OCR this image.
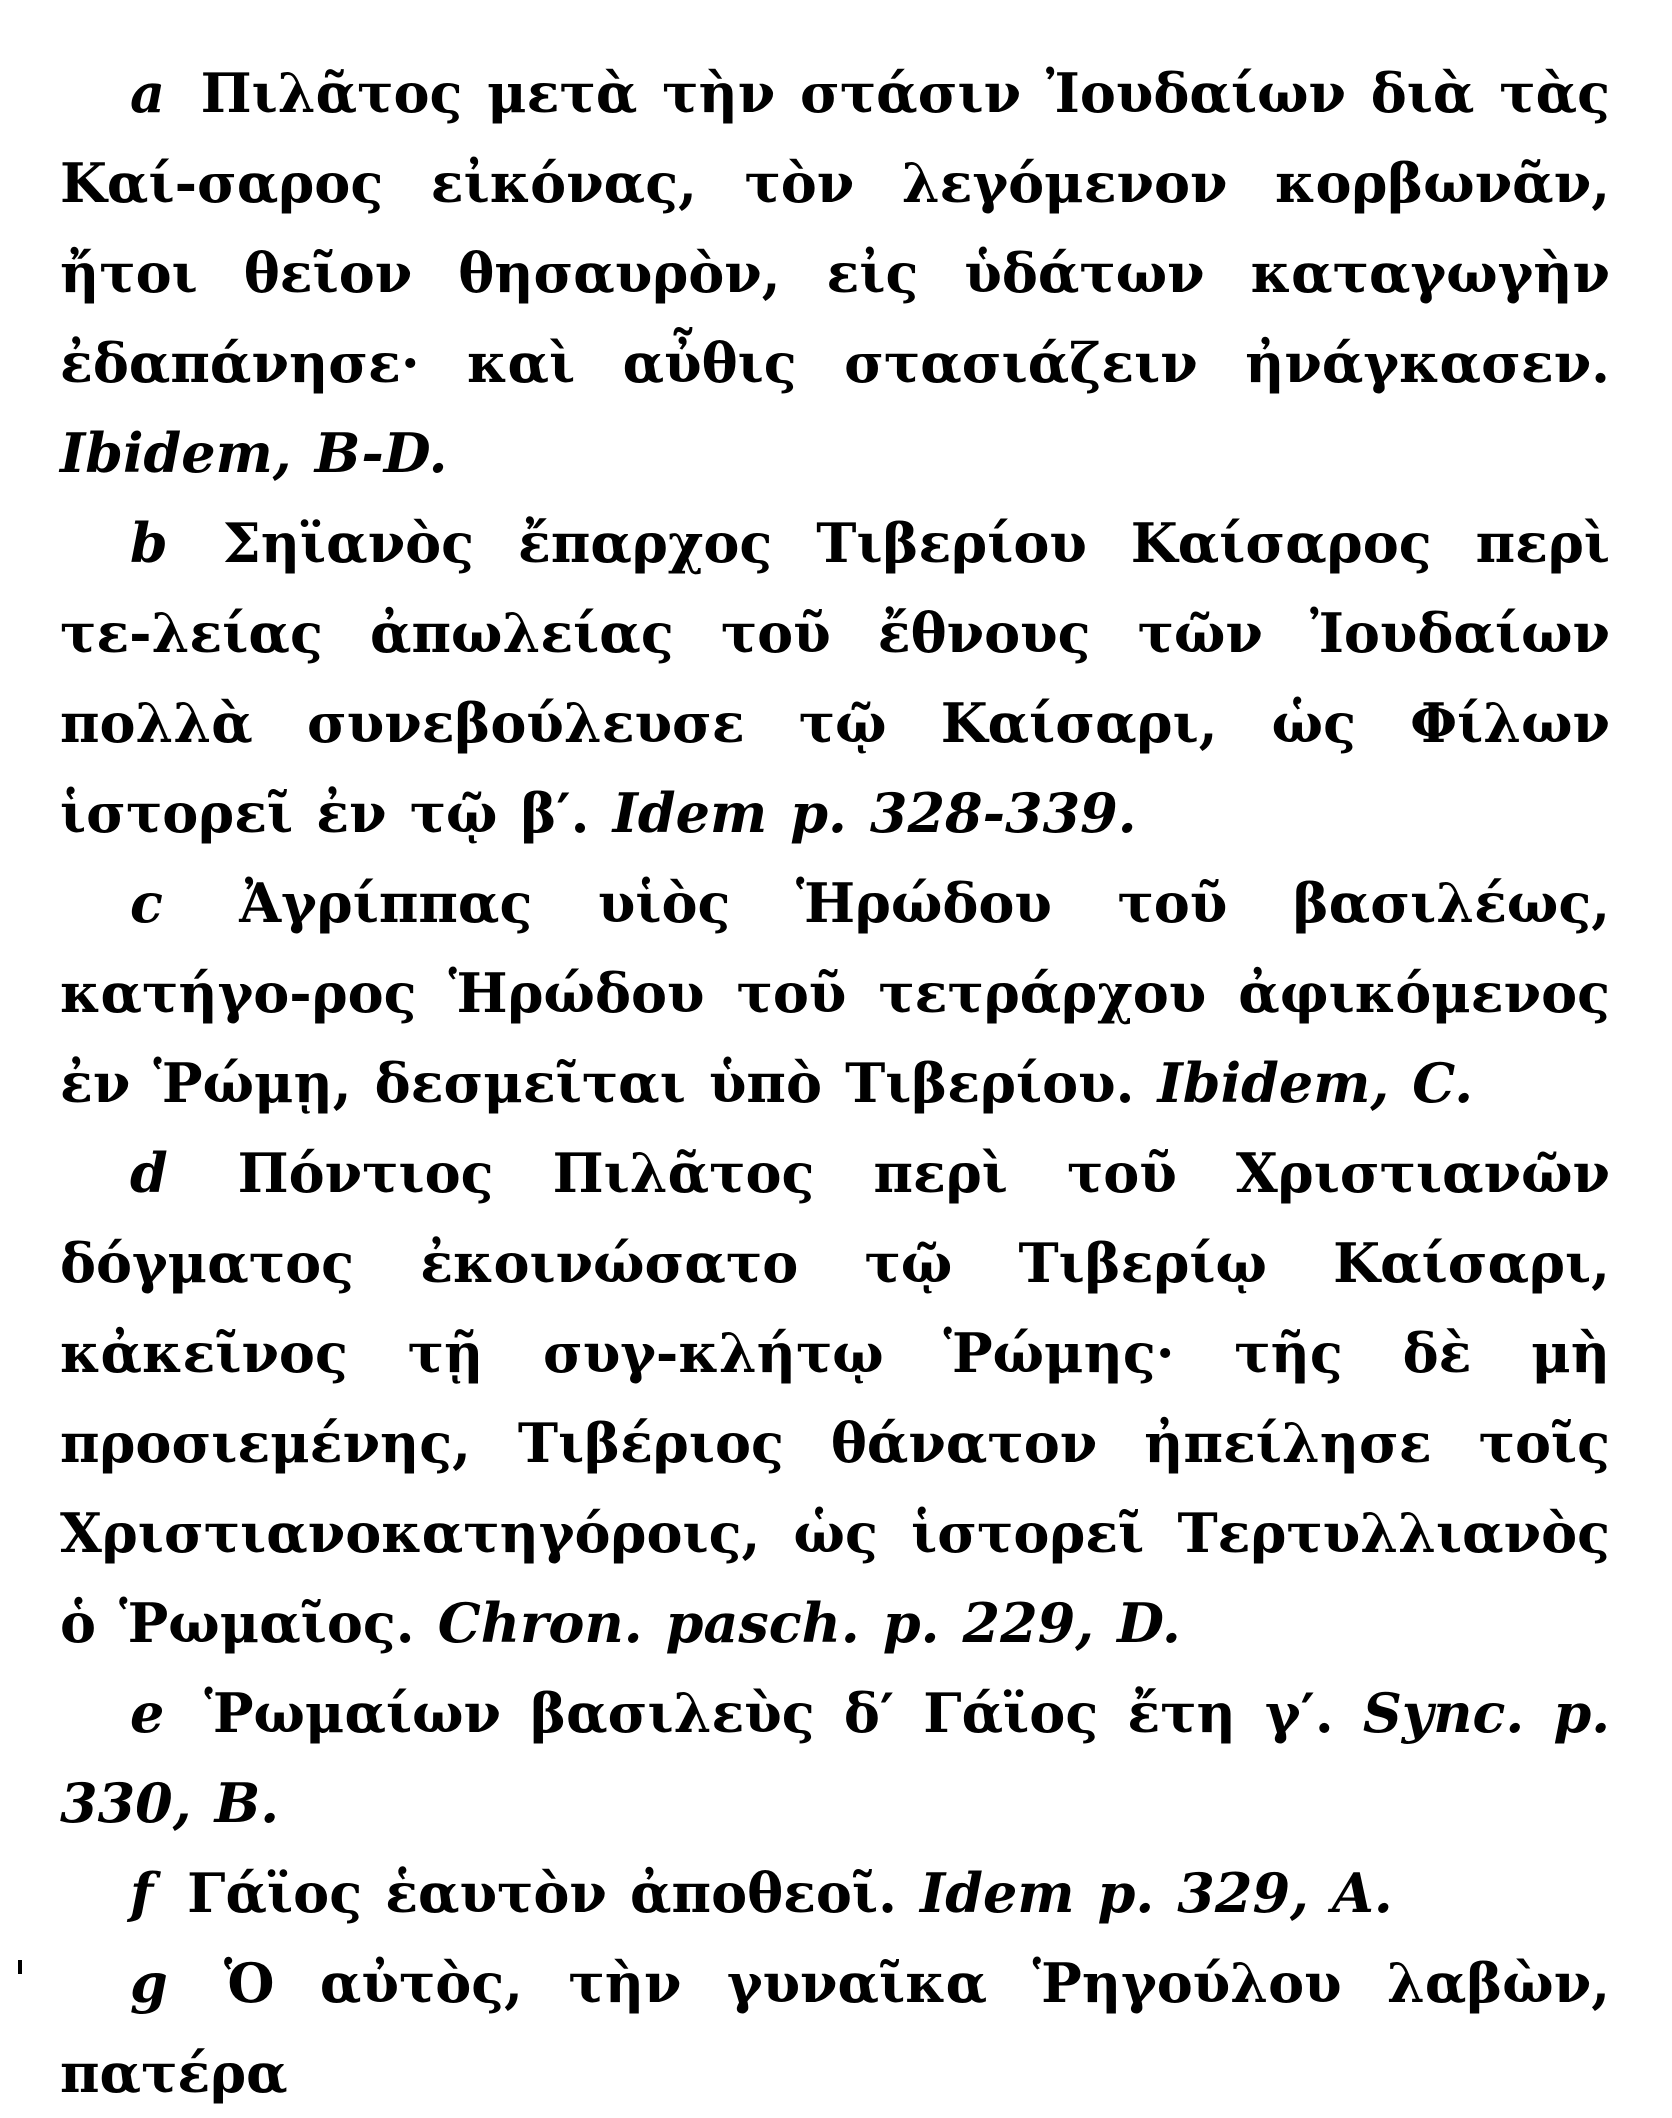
a Πιλᾶτος μετὰ τὴν στάσιν Ἰουδαίων διὰ τὰς Καί-σαρος εἰκόνας, τὸν λεγόμενον κορβωνᾶν, ἤτοι θεῖον θησαυρὸν, εἰς ὑδάτων καταγωγὴν ἐδαπάνησε· καὶ αὖθις στασιάζειν ἠνάγκασεν. Ibidem, B-D.

b Σηϊανὸς ἔπαρχος Τιβερίου Καίσαρος περὶ τε-λείας ἀπωλείας τοῦ ἔθνους τῶν Ἰουδαίων πολλὰ συνεβούλευσε τῷ Καίσαρι, ὡς Φίλων ἱστορεῖ ἐν τῷ β′. Idem p. 328-339.

c Ἀγρίππας υἱὸς Ἡρώδου τοῦ βασιλέως, κατήγο-ρος Ἡρώδου τοῦ τετράρχου ἀφικόμενος ἐν Ῥώμῃ, δεσμεῖται ὑπὸ Τιβερίου. Ibidem, C.

d Πόντιος Πιλᾶτος περὶ τοῦ Χριστιανῶν δόγματος ἐκοινώσατο τῷ Τιβερίῳ Καίσαρι, κἀκεῖνος τῇ συγ-κλήτῳ Ῥώμης· τῆς δὲ μὴ προσιεμένης, Τιβέριος θάνατον ἠπείλησε τοῖς Χριστιανοκατηγόροις, ὡς ἱστορεῖ Τερτυλλιανὸς ὁ Ῥωμαῖος. Chron. pasch. p. 229, D.

e Ῥωμαίων βασιλεὺς δ′ Γάϊος ἔτη γ′. Sync. p. 330, B.

f Γάϊος ἑαυτὸν ἀποθεοῖ. Idem p. 329, A.

g Ὁ αὐτὸς, τὴν γυναῖκα Ῥηγούλου λαβὼν, πατέρα
